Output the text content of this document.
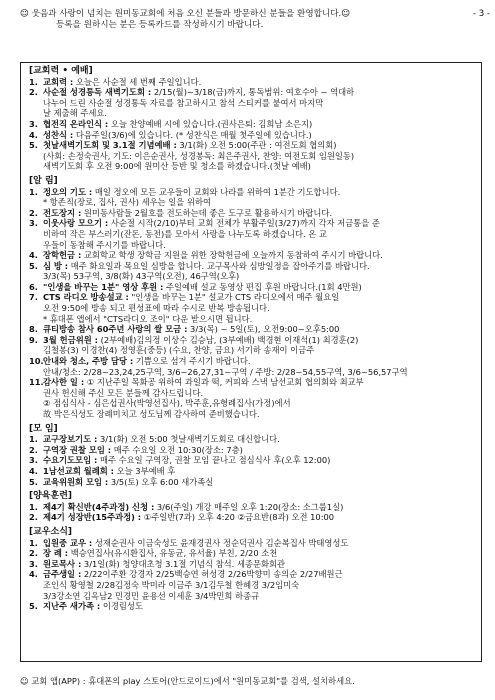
☺ 웃음과 사랑이 넘치는 원미동교회에 처음 오신 분들과 방문하신 분들을 환영합니다.☺	- 3 -
등록을 원하시는 분은 등록카드를 작성하시기 바랍니다.
[교회력 • 예배]
1. 교회력 : 오늘은 사순절 세 번째 주일입니다.
2. 사순절 성경통독 새벽기도회 : 2/15(월)~3/18(금)까지, 통독범위: 여호수아 ~ 역대하
나누어 드린 사순절 성경통독 자료를 참고하시고 참석 스티커를 붙여서 마지막
날 제출해 주세요.
3. 협전직 온라인식 : 오늘 찬양예배 시에 있습니다.(권사은퇴: 김희남 소은지)
4. 성찬식 : 다음주일(3/6)에 있습니다. (* 성찬식은 매월 첫주일에 있습니다.)
5. 첫날새벽기도회 및 3.1절 기념예배 : 3/1(화) 오전 5:00(주관 : 여전도회 협의회)
(사회: 손정숙권사, 기도: 이은순권사, 성경봉독: 최은주권사, 찬양: 여전도회 임원일동)
새벽기도회 후 오전 9:00에 원미산 등반 및 청소를 하겠습니다.(첫날 예배)
[알 림]
1. 정오의 기도 : 매일 정오에 모든 교우들이 교회와 나라를 위하여 1분간 기도합니다.
* 항존직(장로, 집사, 권사) 세우는 일을 위하여
2. 전도장지 : 원미동사람들 2월호를 전도하는데 좋은 도구로 활용하시기 바랍니다.
3. 이웃사랑 모으기 : 사순절 시작(2/10)부터 교회 전체가 부활주일(3/27)까지 각자 저금통을 준
비하여 작은 부스러기(잔돈, 동전)를 모아서 사랑을 나누도록 하겠습니다. 온 교
우들이 동참해 주시기를 바랍니다.
4. 장학헌금 : 교회학교 학생 장학금 지원을 위한 장학헌금에 오늘까지 동참하여 주시기 바랍니다.
5. 심 방 : 매주 화요일과 목요일 심방을 합니다. 교구목사와 심방일정을 잡아주기를 바랍니다.
3/3(목) 53구역, 3/8(화) 43구역(오전), 46구역(오후)
6. "인생을 바꾸는 1분" 영상 후원 : 주일예배 설교 동영상 편집 후원 바랍니다.(1회 4만원)
7. CTS 라디오 방송설교 : "인생을 바꾸는 1분" 설교가 CTS 라디오에서 매주 월요일
오전 9:50에 방송 되고 편성표에 따라 수시로 반복 방송됩니다.
* 휴대폰 앱에서 "CTS라디오 조이" 다운 받으시면 됩니다.
8. 큐티방송 참사 60주년 사랑의 쌀 모금 : 3/3(목) ~ 5일(토), 오전9:00~오후5:00
9. 3월 헌금위원 : (2부예배)김의정 이상수 김승남, (3부예배) 백경현 이재석(1) 최경훈(2)
김철봉(3) 이경찬(4) 정영훈(중등) (수요, 찬양, 금요) 서기하 송재이 이금주
10. 안내와 청소, 주방 담당 : 기쁨으로 섬겨 주시기 바랍니다.
안내/청소: 2/28~23,24,25구역, 3/6~26,27,31~구역 / 주방: 2/28~54,55구역, 3/6~56,57구역
11. 감사한 일 : ① 지난주일 목화공 위하여 과일과 떡, 커피와 스낵 남선교회 협의회와 최교부
권사 헌신해 주신 모든 분들께 감사드립니다.
② 점심식사 - 심은섭권사(박영선집사), 박주훈,유형례집사(가정)에서
故 박은식성도 장례미치고 성도님께 감사하여 준비했습니다.
[모 임]
1. 교구장보기도 : 3/1(화) 오전 5:00 첫날새벽기도회로 대신합니다.
2. 구역장 권찰 모임 : 매주 수요일 오전 10:30(장소: 7층)
3. 수요기도모임 : 매주 수요일 구역장, 권찰 모임 끝나고 점심식사 후(오후 12:00)
4. 1남선교회 월례회 : 오늘 3부예배 후
5. 교육위원회 모임 : 3/5(토) 오후 6:00 새가족실
[양육훈련]
1. 제4기 확신반(4주과정) 신청 : 3/6(주일) 개강 매주일 오후 1:20(장소: 소그룹1실)
2. 제4기 성장반(15주과정) : ①주일반(7과) 오후 4:20 ②금요반(8과) 오전 10:00
[교우소식]
1. 입원중 교우 : 성재순권사 이금숙성도 윤재경권사 정순덕권사 김순복집사 박태영성도
2. 장 례 : 백승연집사(유시환집사, 유동균, 유서율) 부친, 2/20 소천
3. 원로목사 : 3/1일(화) 청양대초청 3.1절 기념식 참석. 세종문화회관
4. 금주생일 : 2/22이주환 강경자 2/25백승연 허성경 2/26박향미 송의순 2/27배원근
조인식 황영철 2/28김정숙 박미라 이금주 3/1김두철 한혜경 3/2임미숙
3/3강소연 김옥남2 민경민 윤용선 이세훈 3/4박민희 하종규
5. 지난주 새가족 : 이경림성도
☺ 교회 앱(APP) : 휴대폰의 play 스토어(안드로이드)에서 "원미동교회"를 검색, 설치하세요.
